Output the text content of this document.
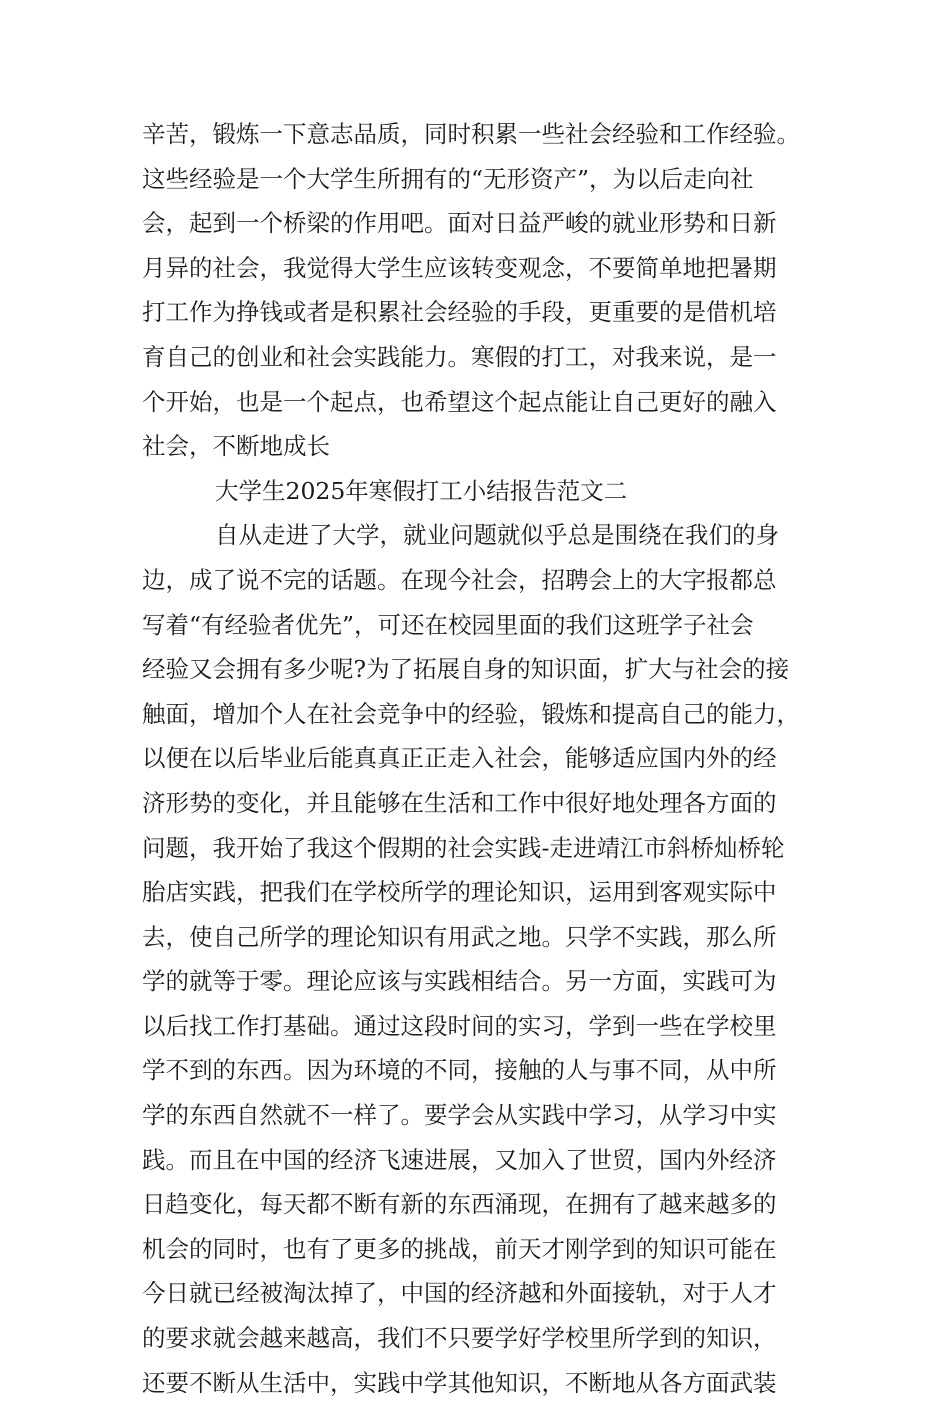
辛苦，锻炼一下意志品质，同时积累一些社会经验和工作经验。
这些经验是一个大学生所拥有的“无形资产”，为以后走向社
会，起到一个桥梁的作用吧。面对日益严峻的就业形势和日新
月异的社会，我觉得大学生应该转变观念，不要简单地把暑期
打工作为挣钱或者是积累社会经验的手段，更重要的是借机培
育自己的创业和社会实践能力。寒假的打工，对我来说，是一
个开始，也是一个起点，也希望这个起点能让自己更好的融入
社会，不断地成长
大学生2025年寒假打工小结报告范文二
自从走进了大学，就业问题就似乎总是围绕在我们的身
边，成了说不完的话题。在现今社会，招聘会上的大字报都总
写着“有经验者优先”，可还在校园里面的我们这班学子社会
经验又会拥有多少呢?为了拓展自身的知识面，扩大与社会的接
触面，增加个人在社会竞争中的经验，锻炼和提高自己的能力，
以便在以后毕业后能真真正正走入社会，能够适应国内外的经
济形势的变化，并且能够在生活和工作中很好地处理各方面的
问题，我开始了我这个假期的社会实践-走进靖江市斜桥灿桥轮
胎店实践，把我们在学校所学的理论知识，运用到客观实际中
去，使自己所学的理论知识有用武之地。只学不实践，那么所
学的就等于零。理论应该与实践相结合。另一方面，实践可为
以后找工作打基础。通过这段时间的实习，学到一些在学校里
学不到的东西。因为环境的不同，接触的人与事不同，从中所
学的东西自然就不一样了。要学会从实践中学习，从学习中实
践。而且在中国的经济飞速进展，又加入了世贸，国内外经济
日趋变化，每天都不断有新的东西涌现，在拥有了越来越多的
机会的同时，也有了更多的挑战，前天才刚学到的知识可能在
今日就已经被淘汰掉了，中国的经济越和外面接轨，对于人才
的要求就会越来越高，我们不只要学好学校里所学到的知识，
还要不断从生活中，实践中学其他知识，不断地从各方面武装
